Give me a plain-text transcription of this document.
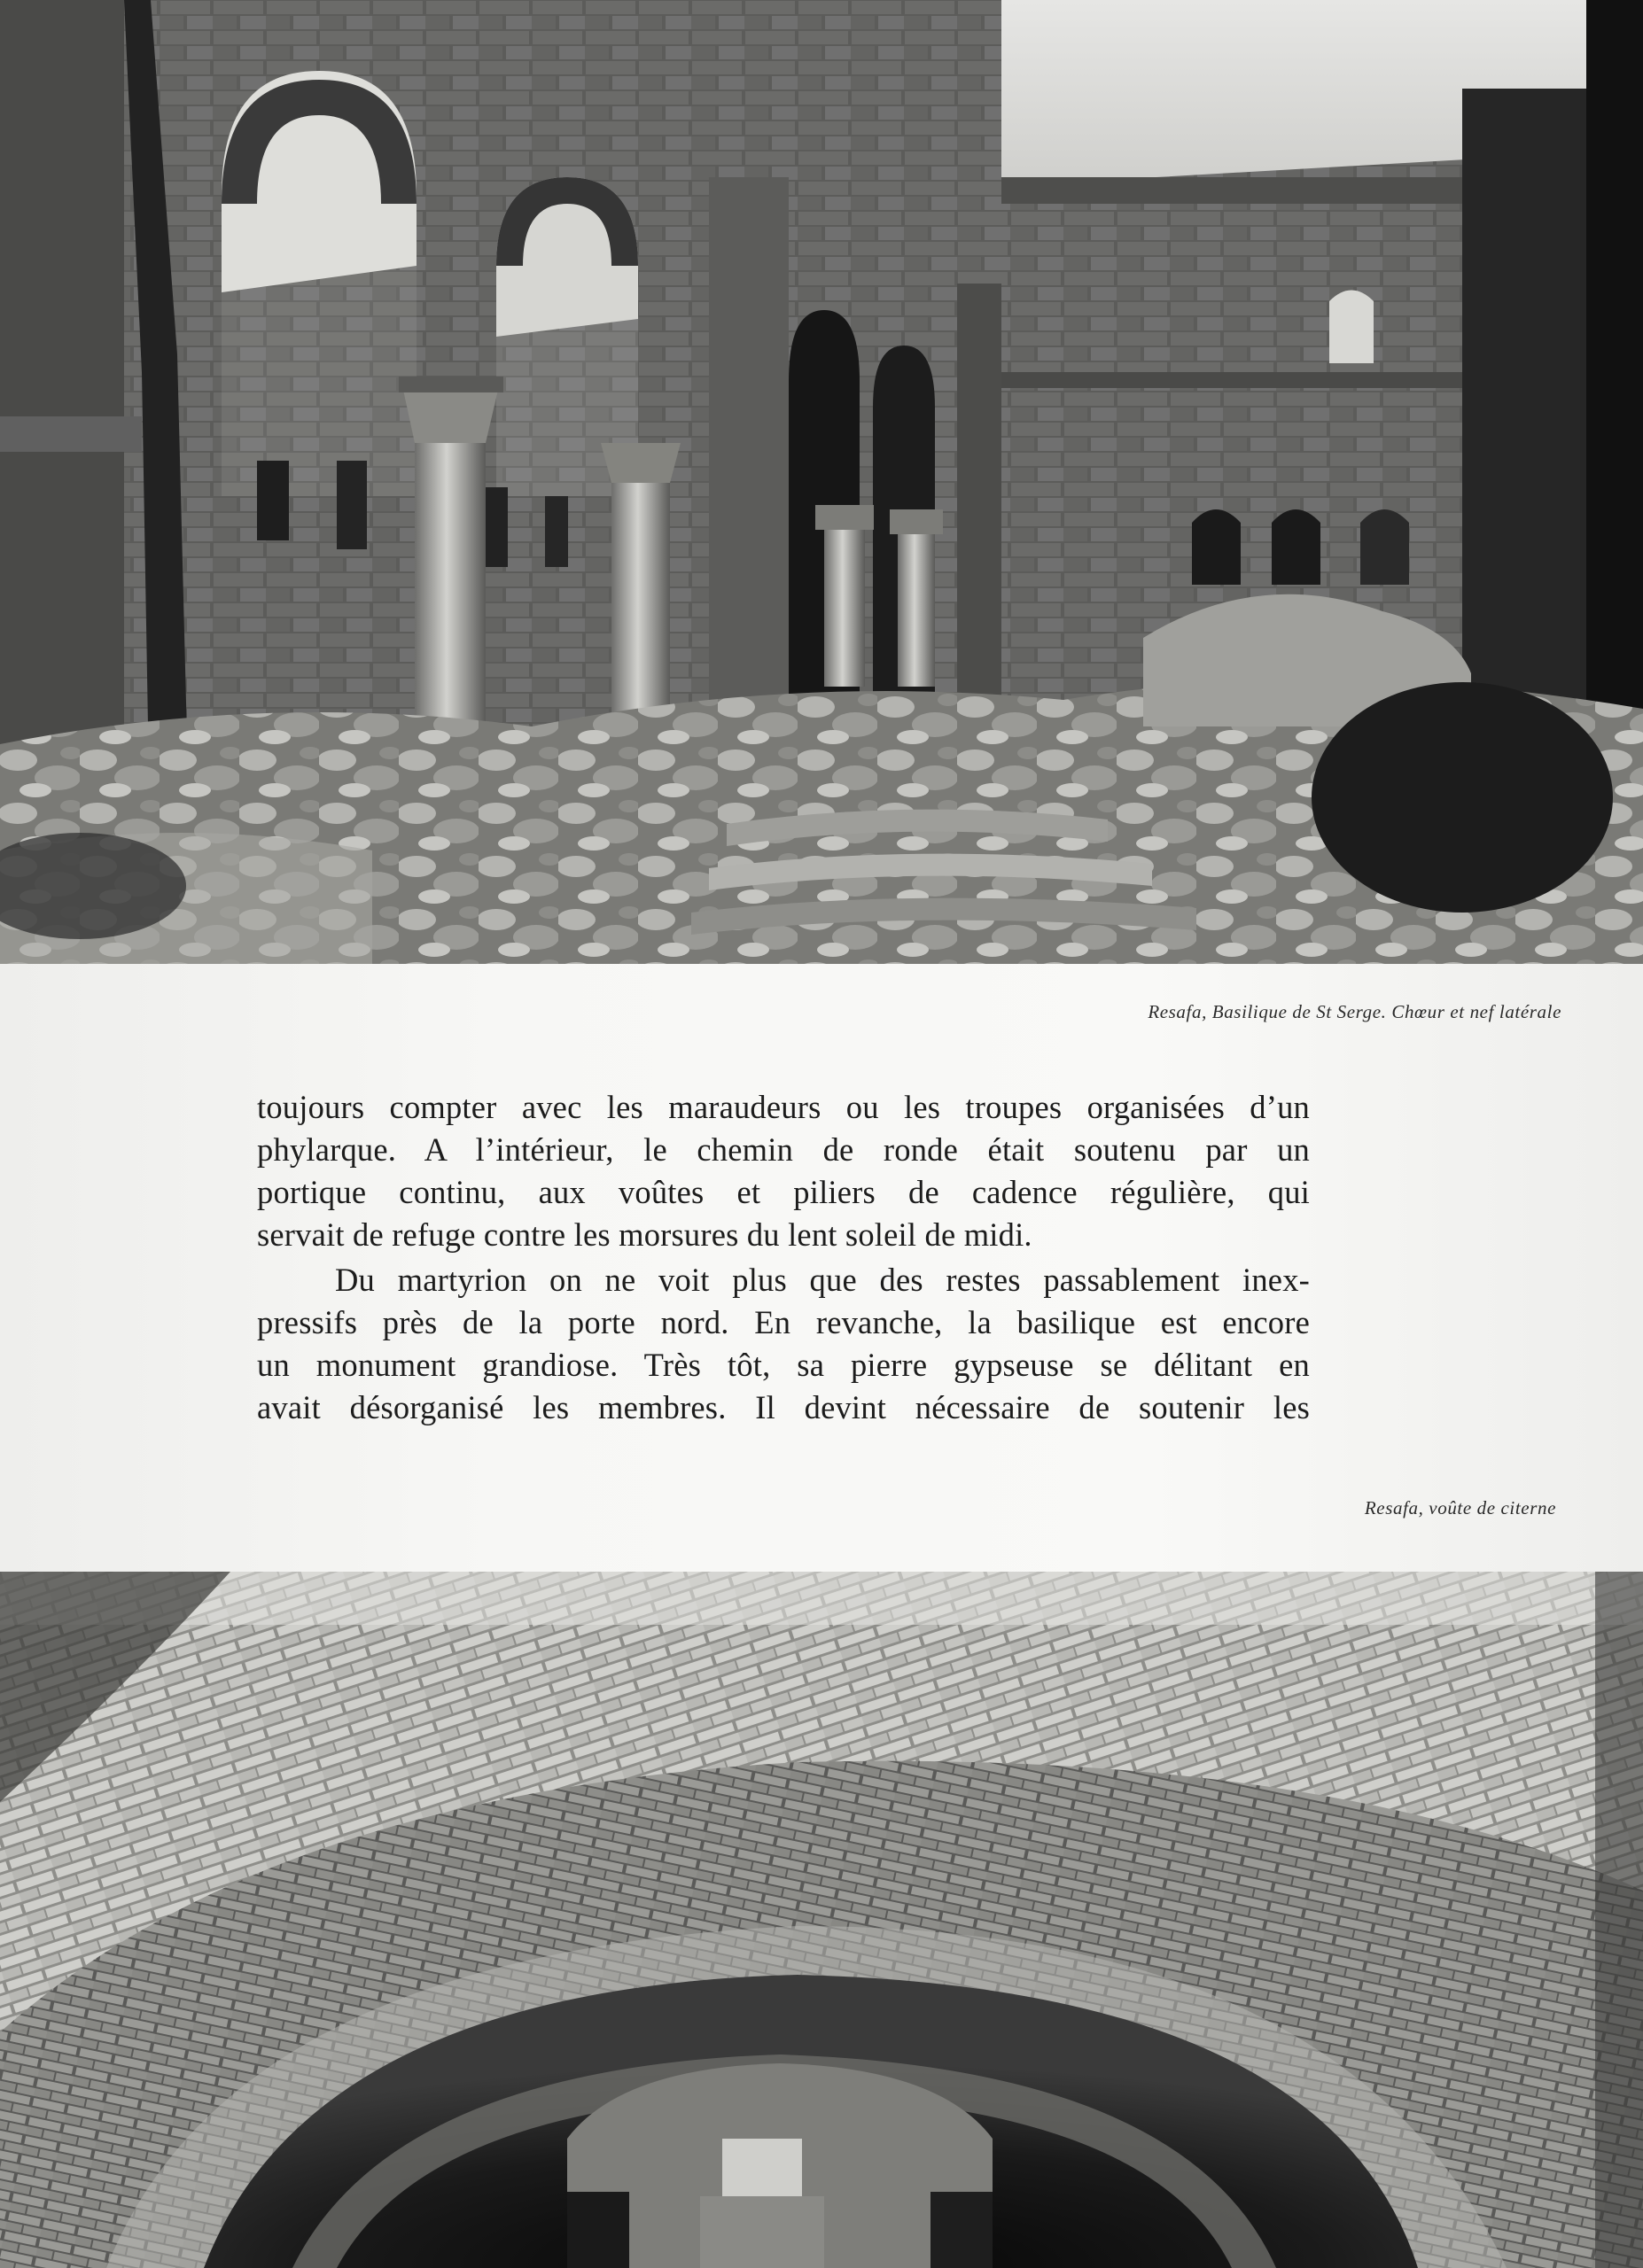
Resafa, Basilique de St Serge. Chœur et nef latérale
toujours compter avec les maraudeurs ou les troupes organisées d’un
phylarque. A l’intérieur, le chemin de ronde était soutenu par un
portique continu, aux voûtes et piliers de cadence régulière, qui
servait de refuge contre les morsures du lent soleil de midi.
Du martyrion on ne voit plus que des restes passablement inex-
pressifs près de la porte nord. En revanche, la basilique est encore
un monument grandiose. Très tôt, sa pierre gypseuse se délitant en
avait désorganisé les membres. Il devint nécessaire de soutenir les
Resafa, voûte de citerne
